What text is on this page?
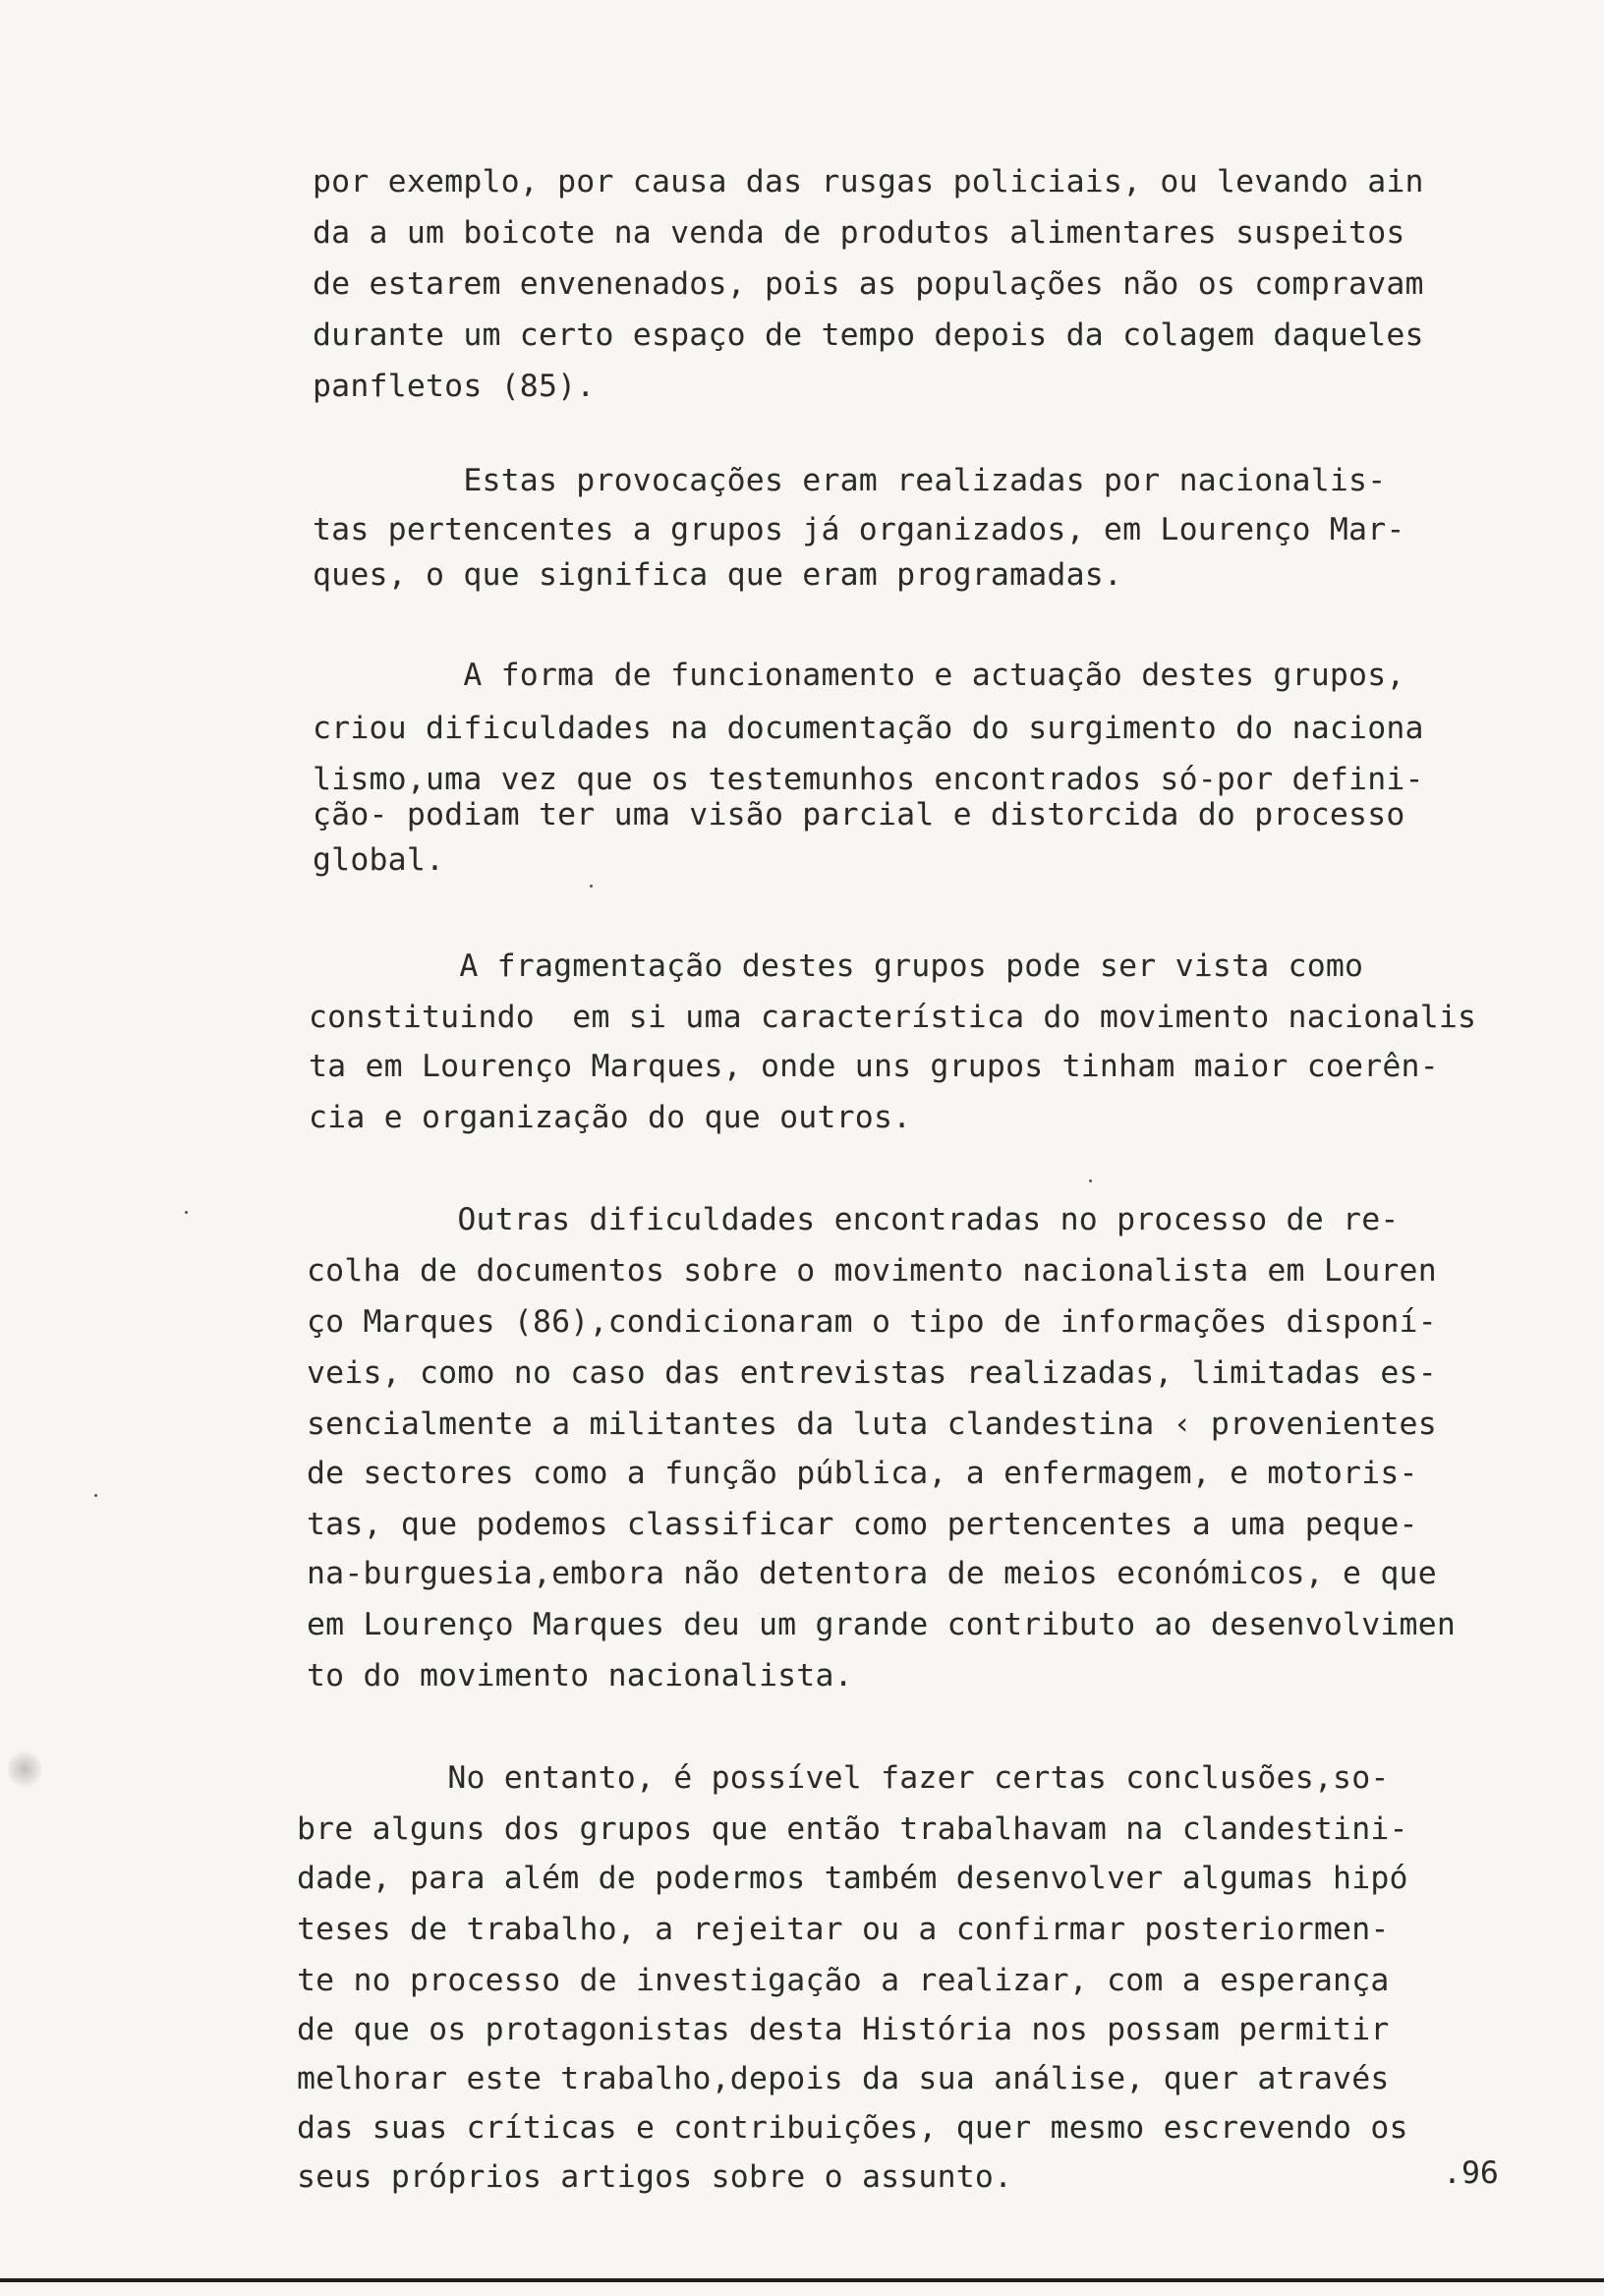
por exemplo, por causa das rusgas policiais, ou levando ain
da a um boicote na venda de produtos alimentares suspeitos
de estarem envenenados, pois as populações não os compravam
durante um certo espaço de tempo depois da colagem daqueles
panfletos (85).
Estas provocações eram realizadas por nacionalis-
tas pertencentes a grupos já organizados, em Lourenço Mar-
ques, o que significa que eram programadas.
A forma de funcionamento e actuação destes grupos,
criou dificuldades na documentação do surgimento do naciona
lismo,uma vez que os testemunhos encontrados só-por defini-
ção- podiam ter uma visão parcial e distorcida do processo
global.
A fragmentação destes grupos pode ser vista como
constituindo  em si uma característica do movimento nacionalis
ta em Lourenço Marques, onde uns grupos tinham maior coerên-
cia e organização do que outros.
Outras dificuldades encontradas no processo de re-
colha de documentos sobre o movimento nacionalista em Louren
ço Marques (86),condicionaram o tipo de informações disponí-
veis, como no caso das entrevistas realizadas, limitadas es-
sencialmente a militantes da luta clandestina ‹ provenientes
de sectores como a função pública, a enfermagem, e motoris-
tas, que podemos classificar como pertencentes a uma peque-
na-burguesia,embora não detentora de meios económicos, e que
em Lourenço Marques deu um grande contributo ao desenvolvimen
to do movimento nacionalista.
No entanto, é possível fazer certas conclusões,so-
bre alguns dos grupos que então trabalhavam na clandestini-
dade, para além de podermos também desenvolver algumas hipó
teses de trabalho, a rejeitar ou a confirmar posteriormen-
te no processo de investigação a realizar, com a esperança
de que os protagonistas desta História nos possam permitir
melhorar este trabalho,depois da sua análise, quer através
das suas críticas e contribuições, quer mesmo escrevendo os
seus próprios artigos sobre o assunto.	.96
